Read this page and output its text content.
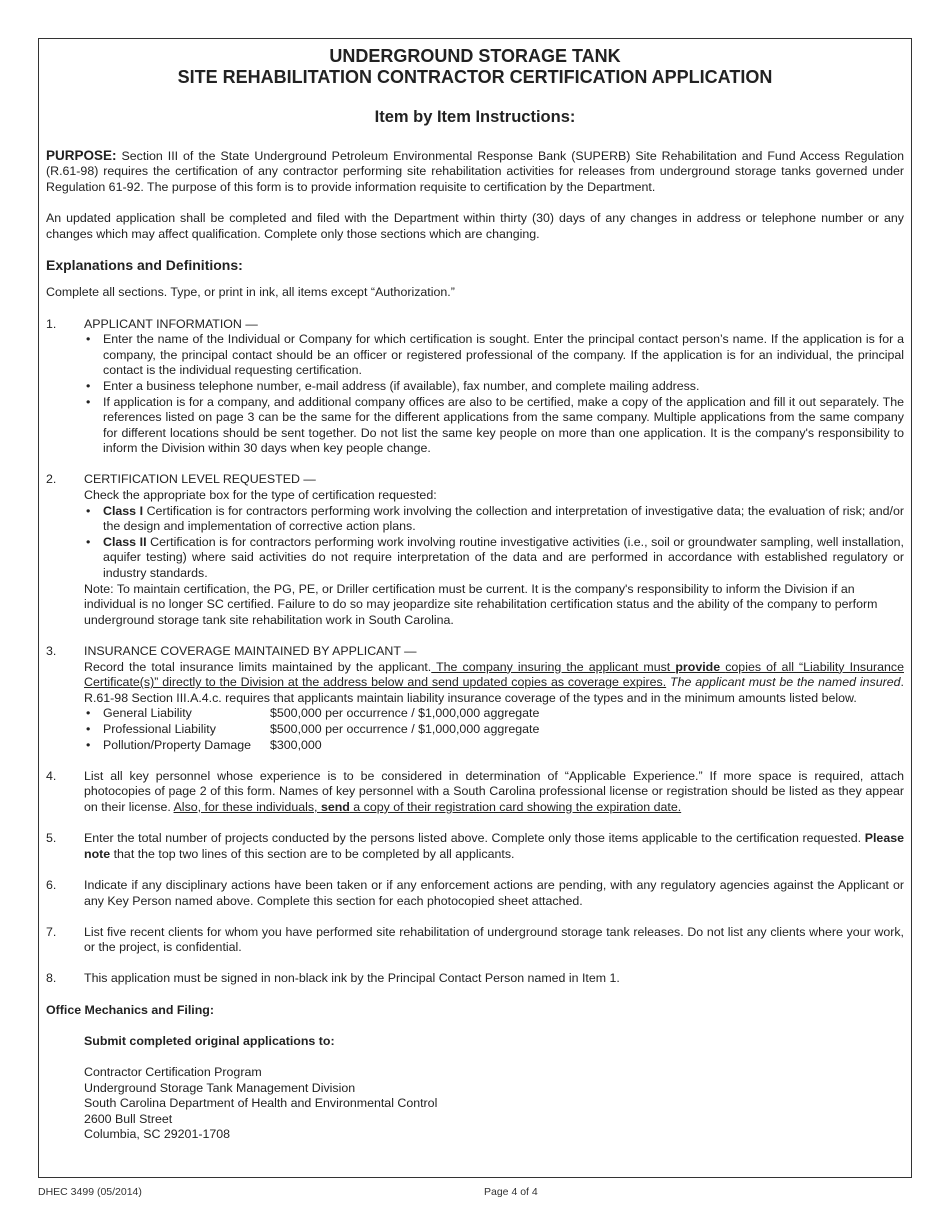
UNDERGROUND STORAGE TANK
SITE REHABILITATION CONTRACTOR CERTIFICATION APPLICATION
Item by Item Instructions:

PURPOSE: Section III of the State Underground Petroleum Environmental Response Bank (SUPERB) Site Rehabilitation and Fund Access Regulation (R.61-98) requires the certification of any contractor performing site rehabilitation activities for releases from underground storage tanks governed under Regulation 61-92. The purpose of this form is to provide information requisite to certification by the Department.

An updated application shall be completed and filed with the Department within thirty (30) days of any changes in address or telephone number or any changes which may affect qualification. Complete only those sections which are changing.

Explanations and Definitions:

Complete all sections. Type, or print in ink, all items except “Authorization.”

1. APPLICANT INFORMATION —
• Enter the name of the Individual or Company for which certification is sought. Enter the principal contact person’s name. If the application is for a company, the principal contact should be an officer or registered professional of the company. If the application is for an individual, the principal contact is the individual requesting certification.
• Enter a business telephone number, e-mail address (if available), fax number, and complete mailing address.
• If application is for a company, and additional company offices are also to be certified, make a copy of the application and fill it out separately. The references listed on page 3 can be the same for the different applications from the same company. Multiple applications from the same company for different locations should be sent together. Do not list the same key people on more than one application. It is the company's responsibility to inform the Division within 30 days when key people change.
2. CERTIFICATION LEVEL REQUESTED —
Check the appropriate box for the type of certification requested:
• Class I Certification is for contractors performing work involving the collection and interpretation of investigative data; the evaluation of risk; and/or the design and implementation of corrective action plans.
• Class II Certification is for contractors performing work involving routine investigative activities (i.e., soil or groundwater sampling, well installation, aquifer testing) where said activities do not require interpretation of the data and are performed in accordance with established regulatory or industry standards.

Note: To maintain certification, the PG, PE, or Driller certification must be current. It is the company's responsibility to inform the Division if an individual is no longer SC certified. Failure to do so may jeopardize site rehabilitation certification status and the ability of the company to perform underground storage tank site rehabilitation work in South Carolina.

3. INSURANCE COVERAGE MAINTAINED BY APPLICANT —

Record the total insurance limits maintained by the applicant. The company insuring the applicant must provide copies of all “Liability Insurance Certificate(s)” directly to the Division at the address below and send updated copies as coverage expires. The applicant must be the named insured. R.61-98 Section III.A.4.c. requires that applicants maintain liability insurance coverage of the types and in the minimum amounts listed below.

• General Liability	$500,000 per occurrence / $1,000,000 aggregate
• Professional Liability	$500,000 per occurrence / $1,000,000 aggregate
• Pollution/Property Damage	$300,000
4. List all key personnel whose experience is to be considered in determination of “Applicable Experience.” If more space is required, attach photocopies of page 2 of this form. Names of key personnel with a South Carolina professional license or registration should be listed as they appear on their license. Also, for these individuals, send a copy of their registration card showing the expiration date.

5. Enter the total number of projects conducted by the persons listed above. Complete only those items applicable to the certification requested. Please note that the top two lines of this section are to be completed by all applicants.

6. Indicate if any disciplinary actions have been taken or if any enforcement actions are pending, with any regulatory agencies against the Applicant or any Key Person named above. Complete this section for each photocopied sheet attached.

7. List five recent clients for whom you have performed site rehabilitation of underground storage tank releases. Do not list any clients where your work, or the project, is confidential.

8. This application must be signed in non-black ink by the Principal Contact Person named in Item 1.

Office Mechanics and Filing:
Submit completed original applications to:
Contractor Certification Program
Underground Storage Tank Management Division
South Carolina Department of Health and Environmental Control
2600 Bull Street
Columbia, SC 29201-1708
DHEC 3499 (05/2014)	Page 4 of 4
